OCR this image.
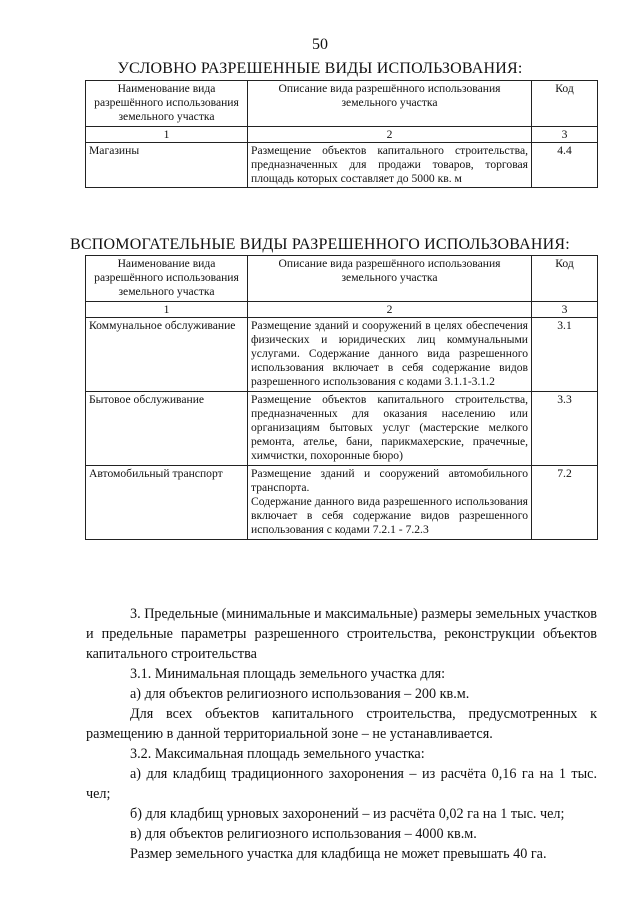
50
УСЛОВНО РАЗРЕШЕННЫЕ ВИДЫ ИСПОЛЬЗОВАНИЯ:
Наименование вида разрешённого использования земельного участка	Описание вида разрешённого использования земельного участка	Код
1	2	3
Магазины	Размещение объектов капитального строительства, предназначенных для продажи товаров, торговая площадь которых составляет до 5000 кв. м	4.4
ВСПОМОГАТЕЛЬНЫЕ ВИДЫ РАЗРЕШЕННОГО ИСПОЛЬЗОВАНИЯ:
Наименование вида разрешённого использования земельного участка	Описание вида разрешённого использования земельного участка	Код
1	2	3
Коммунальное обслуживание	Размещение зданий и сооружений в целях обеспечения физических и юридических лиц коммунальными услугами. Содержание данного вида разрешенного использования включает в себя содержание видов разрешенного использования с кодами 3.1.1-3.1.2	3.1
Бытовое обслуживание	Размещение объектов капитального строительства, предназначенных для оказания населению или организациям бытовых услуг (мастерские мелкого ремонта, ателье, бани, парикмахерские, прачечные, химчистки, похоронные бюро)	3.3
Автомобильный транспорт	Размещение зданий и сооружений автомобильного транспорта.
Содержание данного вида разрешенного использования включает в себя содержание видов разрешенного использования с кодами 7.2.1 - 7.2.3	7.2

3. Предельные (минимальные и максимальные) размеры земельных участков и предельные параметры разрешенного строительства, реконструкции объектов капитального строительства

3.1. Минимальная площадь земельного участка для:

а) для объектов религиозного использования – 200 кв.м.

Для всех объектов капитального строительства, предусмотренных к размещению в данной территориальной зоне – не устанавливается.

3.2. Максимальная площадь земельного участка:

а) для кладбищ традиционного захоронения – из расчёта 0,16 га на 1 тыс. чел;

б) для кладбищ урновых захоронений – из расчёта 0,02 га на 1 тыс. чел;

в) для объектов религиозного использования – 4000 кв.м.

Размер земельного участка для кладбища не может превышать 40 га.
